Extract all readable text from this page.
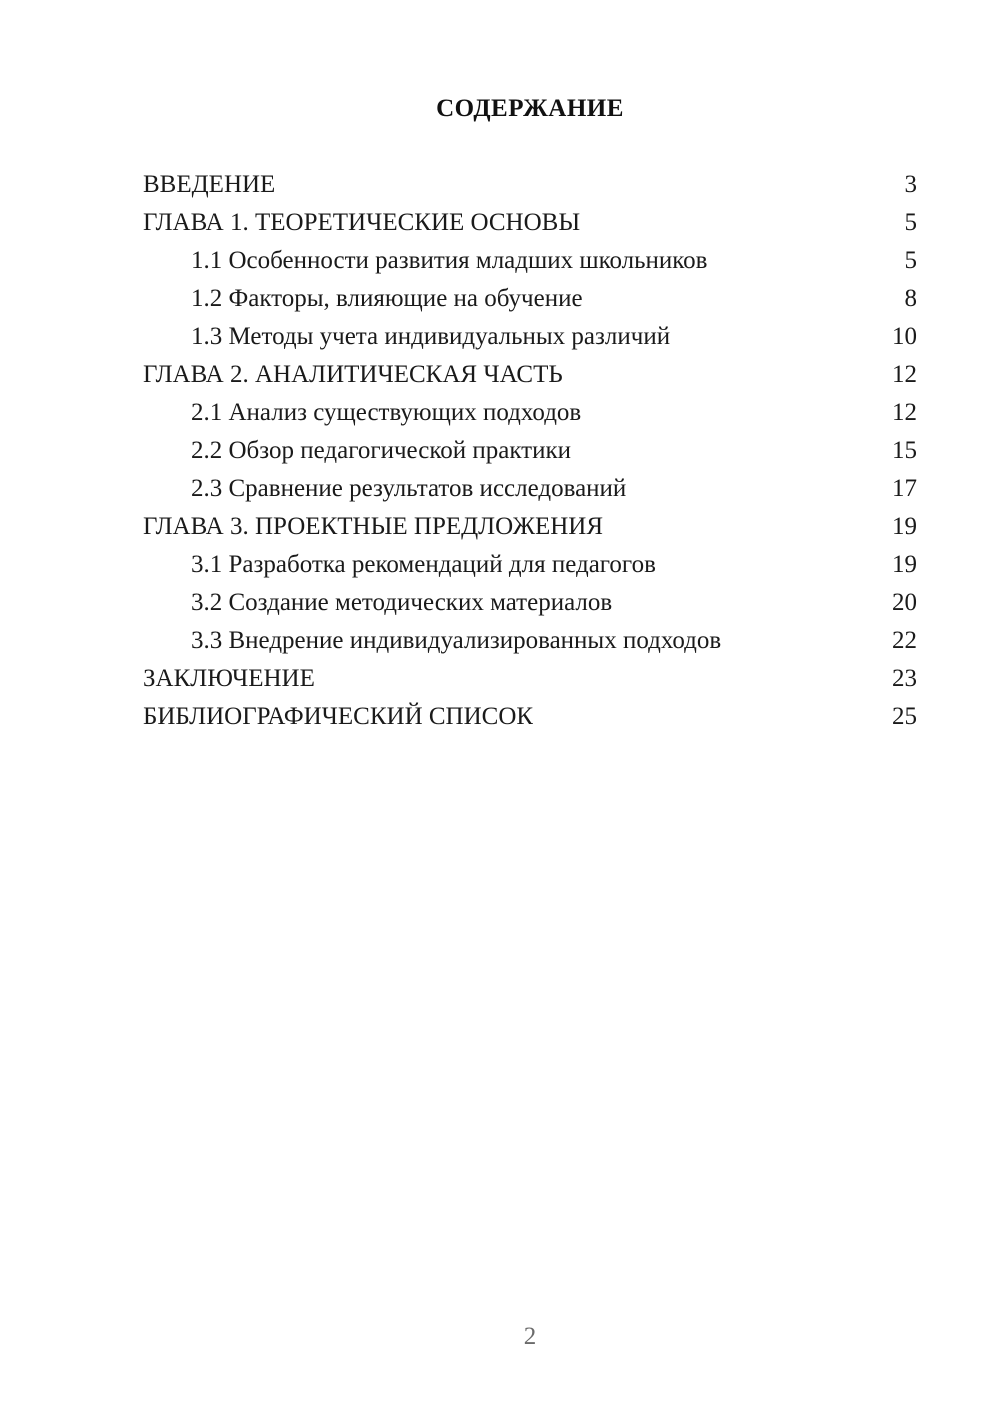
СОДЕРЖАНИЕ
ВВЕДЕНИЕ	3
ГЛАВА 1. ТЕОРЕТИЧЕСКИЕ ОСНОВЫ	5
1.1 Особенности развития младших школьников	5
1.2 Факторы, влияющие на обучение	8
1.3 Методы учета индивидуальных различий	10
ГЛАВА 2. АНАЛИТИЧЕСКАЯ ЧАСТЬ	12
2.1 Анализ существующих подходов	12
2.2 Обзор педагогической практики	15
2.3 Сравнение результатов исследований	17
ГЛАВА 3. ПРОЕКТНЫЕ ПРЕДЛОЖЕНИЯ	19
3.1 Разработка рекомендаций для педагогов	19
3.2 Создание методических материалов	20
3.3 Внедрение индивидуализированных подходов	22
ЗАКЛЮЧЕНИЕ	23
БИБЛИОГРАФИЧЕСКИЙ СПИСОК	25
2
